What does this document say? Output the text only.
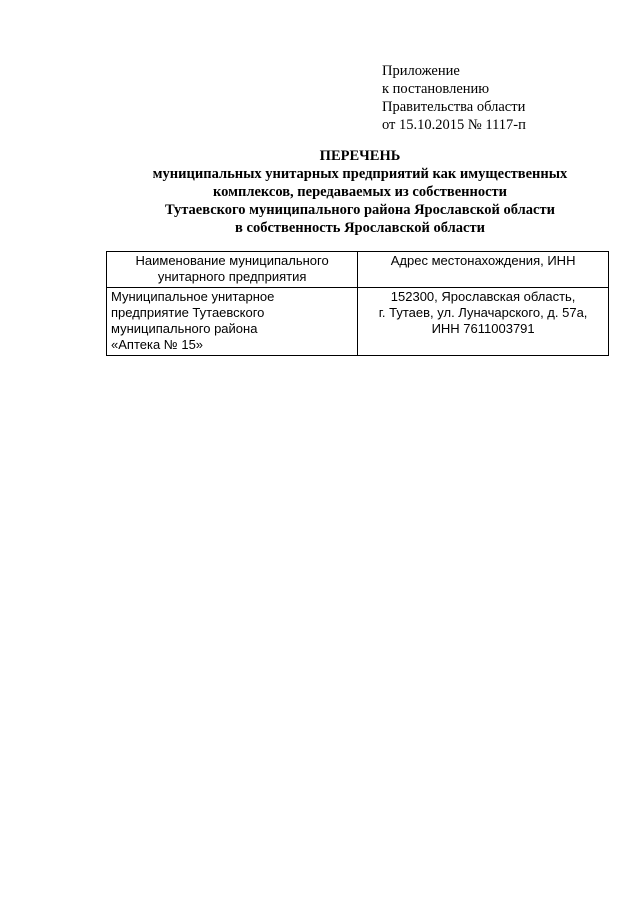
Приложение
к постановлению
Правительства области
от 15.10.2015 № 1117-п
ПЕРЕЧЕНЬ
муниципальных унитарных предприятий как имущественных
комплексов, передаваемых из собственности
Тутаевского муниципального района Ярославской области
в собственность Ярославской области
Наименование муниципального
унитарного предприятия	Адрес местонахождения, ИНН

Муниципальное унитарное
предприятие Тутаевского
муниципального района
«Аптека № 15»	152300, Ярославская область,
г. Тутаев, ул. Луначарского, д. 57а,
ИНН 7611003791
